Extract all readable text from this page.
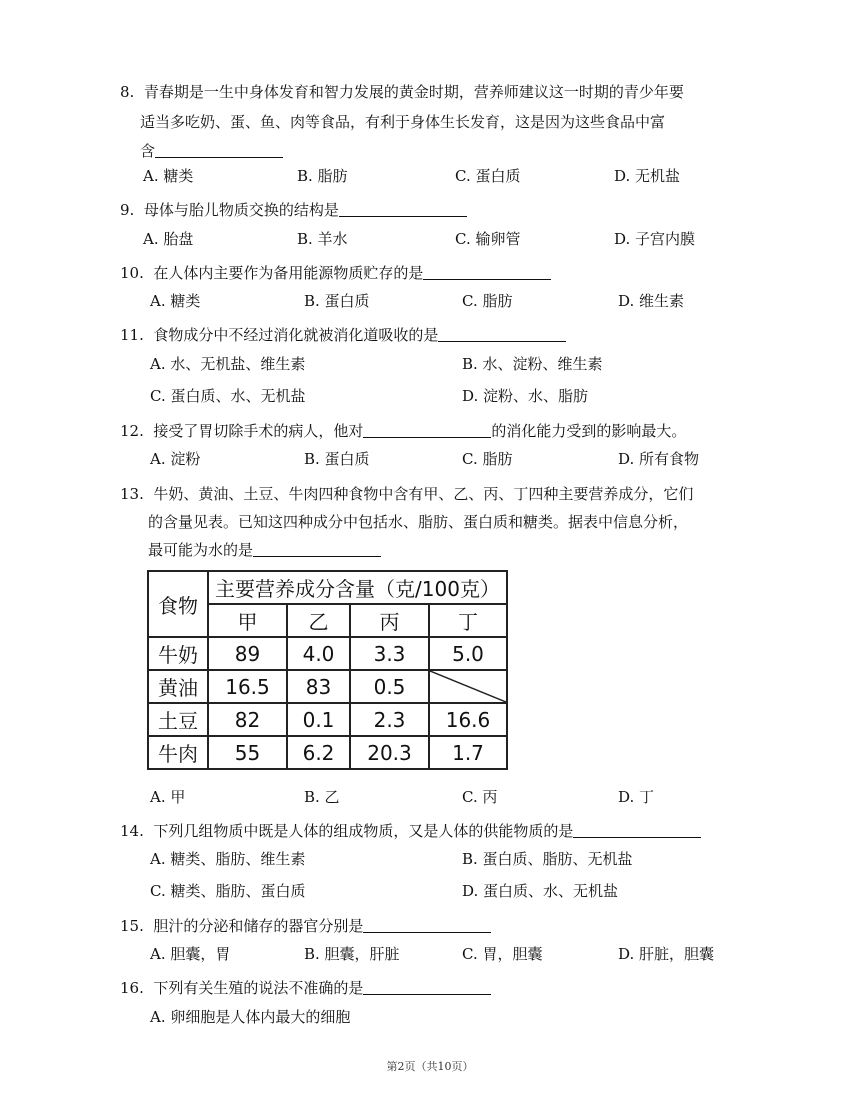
8. 青春期是一生中身体发育和智力发展的黄金时期，营养师建议这一时期的青少年要
适当多吃奶、蛋、鱼、肉等食品，有利于身体生长发育，这是因为这些食品中富
含
A. 糖类	B. 脂肪	C. 蛋白质	D. 无机盐
9. 母体与胎儿物质交换的结构是
A. 胎盘	B. 羊水	C. 输卵管	D. 子宫内膜
10. 在人体内主要作为备用能源物质贮存的是
A. 糖类	B. 蛋白质	C. 脂肪	D. 维生素
11. 食物成分中不经过消化就被消化道吸收的是
A. 水、无机盐、维生素	B. 水、淀粉、维生素
C. 蛋白质、水、无机盐	D. 淀粉、水、脂肪
12. 接受了胃切除手术的病人，他对	的消化能力受到的影响最大。
A. 淀粉	B. 蛋白质	C. 脂肪	D. 所有食物
13. 牛奶、黄油、土豆、牛肉四种食物中含有甲、乙、丙、丁四种主要营养成分，它们
的含量见表。已知这四种成分中包括水、脂肪、蛋白质和糖类。据表中信息分析，
最可能为水的是
食物	主要营养成分含量（克/100克）			
	甲	乙	丙	丁
牛奶	89	4.0	3.3	5.0
黄油	16.5	83	0.5	

土豆	82	0.1	2.3	16.6
牛肉	55	6.2	20.3	1.7
A. 甲	B. 乙	C. 丙	D. 丁
14. 下列几组物质中既是人体的组成物质，又是人体的供能物质的是
A. 糖类、脂肪、维生素	B. 蛋白质、脂肪、无机盐
C. 糖类、脂肪、蛋白质	D. 蛋白质、水、无机盐
15. 胆汁的分泌和储存的器官分别是
A. 胆囊，胃	B. 胆囊，肝脏	C. 胃，胆囊	D. 肝脏，胆囊
16. 下列有关生殖的说法不准确的是
A. 卵细胞是人体内最大的细胞
第2页（共10页）
